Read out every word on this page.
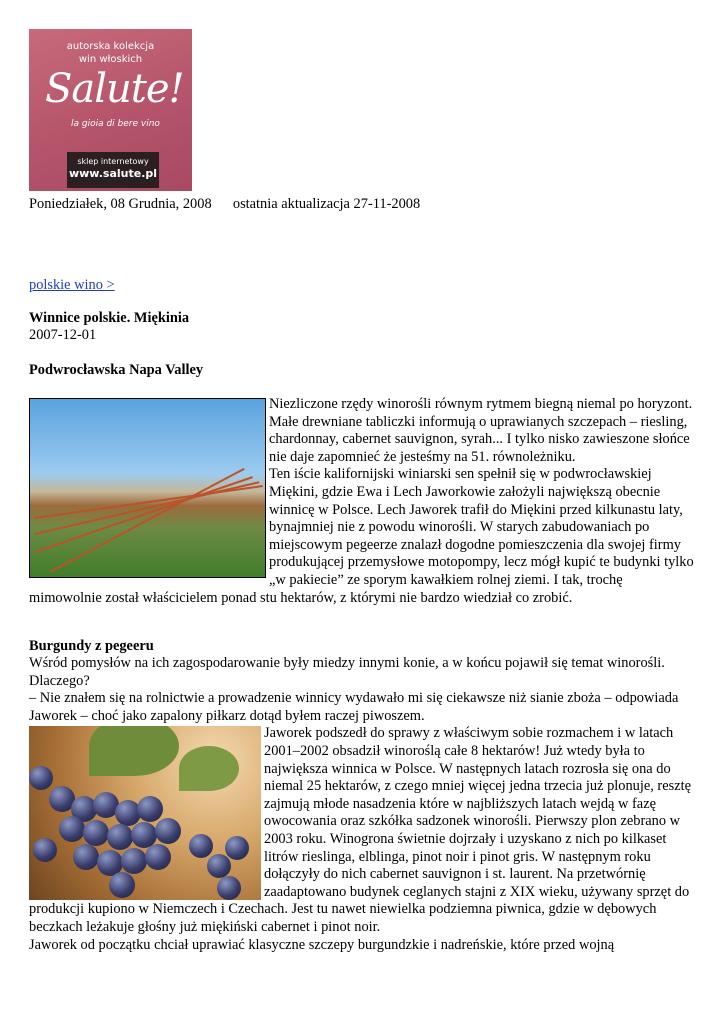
autorska kolekcja
win włoskich
Salute!
la gioia di bere vino
sklep internetowy
www.salute.pl
Poniedziałek, 08 Grudnia, 2008 ostatnia aktualizacja 27-11-2008
polskie wino >
Winnice polskie. Miękinia
2007-12-01
Podwrocławska Napa Valley

Niezliczone rzędy winorośli równym rytmem biegną niemal po horyzont. Małe drewniane tabliczki informują o uprawianych szczepach – riesling, chardonnay, cabernet sauvignon, syrah... I tylko nisko zawieszone słońce nie daje zapomnieć że jesteśmy na 51. równoleżniku.

Ten iście kalifornijski winiarski sen spełnił się w podwrocławskiej Miękini, gdzie Ewa i Lech Jaworkowie założyli największą obecnie winnicę w Polsce. Lech Jaworek trafił do Miękini przed kilkunastu laty, bynajmniej nie z powodu winorośli. W starych zabudowaniach po miejscowym pegeerze znalazł dogodne pomieszczenia dla swojej firmy produkującej przemysłowe motopompy, lecz mógł kupić te budynki tylko „w pakiecie” ze sporym kawałkiem rolnej ziemi. I tak, trochę mimowolnie został właścicielem ponad stu hektarów, z którymi nie bardzo wiedział co zrobić.

Burgundy z pegeeru

Wśród pomysłów na ich zagospodarowanie były miedzy innymi konie, a w końcu pojawił się temat winorośli. Dlaczego?

– Nie znałem się na rolnictwie a prowadzenie winnicy wydawało mi się ciekawsze niż sianie zboża – odpowiada Jaworek – choć jako zapalony piłkarz dotąd byłem raczej piwoszem.

Jaworek podszedł do sprawy z właściwym sobie rozmachem i w latach 2001–2002 obsadził winoroślą całe 8 hektarów! Już wtedy była to największa winnica w Polsce. W następnych latach rozrosła się ona do niemal 25 hektarów, z czego mniej więcej jedna trzecia już plonuje, resztę zajmują młode nasadzenia które w najbliższych latach wejdą w fazę owocowania oraz szkółka sadzonek winorośli. Pierwszy plon zebrano w 2003 roku. Winogrona świetnie dojrzały i uzyskano z nich po kilkaset litrów rieslinga, elblinga, pinot noir i pinot gris. W następnym roku dołączyły do nich cabernet sauvignon i st. laurent. Na przetwórnię zaadaptowano budynek ceglanych stajni z XIX wieku, używany sprzęt do produkcji kupiono w Niemczech i Czechach. Jest tu nawet niewielka podziemna piwnica, gdzie w dębowych beczkach leżakuje głośny już miękiński cabernet i pinot noir.

Jaworek od początku chciał uprawiać klasyczne szczepy burgundzkie i nadreńskie, które przed wojną
